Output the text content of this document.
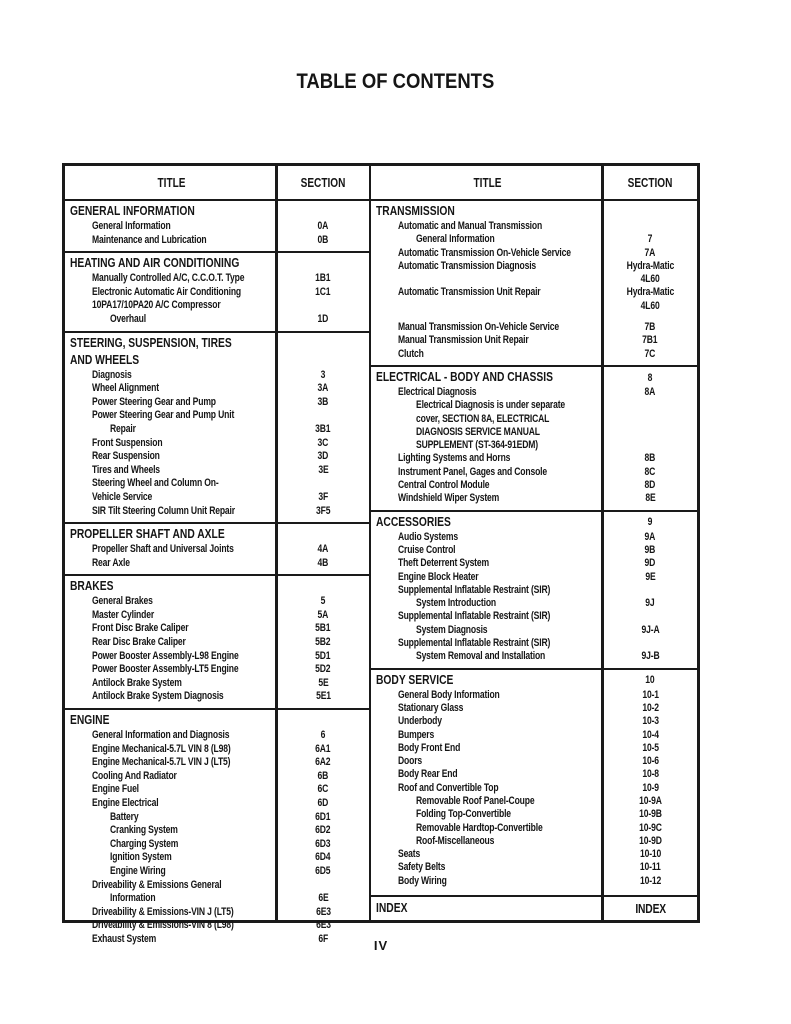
TABLE OF CONTENTS
TITLE	SECTION
GENERAL INFORMATION
General Information	0A
Maintenance and Lubrication	0B
HEATING AND AIR CONDITIONING
Manually Controlled A/C, C.C.O.T. Type	1B1
Electronic Automatic Air Conditioning	1C1
10PA17/10PA20 A/C Compressor
Overhaul	1D
STEERING, SUSPENSION, TIRES
AND WHEELS
Diagnosis	3
Wheel Alignment	3A
Power Steering Gear and Pump	3B
Power Steering Gear and Pump Unit
Repair	3B1
Front Suspension	3C
Rear Suspension	3D
Tires and Wheels	3E
Steering Wheel and Column On-
Vehicle Service	3F
SIR Tilt Steering Column Unit Repair	3F5
PROPELLER SHAFT AND AXLE
Propeller Shaft and Universal Joints	4A
Rear Axle	4B
BRAKES
General Brakes	5
Master Cylinder	5A
Front Disc Brake Caliper	5B1
Rear Disc Brake Caliper	5B2
Power Booster Assembly-L98 Engine	5D1
Power Booster Assembly-LT5 Engine	5D2
Antilock Brake System	5E
Antilock Brake System Diagnosis	5E1
ENGINE
General Information and Diagnosis	6
Engine Mechanical-5.7L VIN 8 (L98)	6A1
Engine Mechanical-5.7L VIN J (LT5)	6A2
Cooling And Radiator	6B
Engine Fuel	6C
Engine Electrical	6D
Battery	6D1
Cranking System	6D2
Charging System	6D3
Ignition System	6D4
Engine Wiring	6D5
Driveability & Emissions General
Information	6E
Driveability & Emissions-VIN J (LT5)	6E3
Driveability & Emissions-VIN 8 (L98)	6E3
Exhaust System	6F
TITLE	SECTION
TRANSMISSION
Automatic and Manual Transmission
General Information	7
Automatic Transmission On-Vehicle Service	7A
Automatic Transmission Diagnosis	Hydra-Matic
4L60
Automatic Transmission Unit Repair	Hydra-Matic
4L60
Manual Transmission On-Vehicle Service	7B
Manual Transmission Unit Repair	7B1
Clutch	7C
ELECTRICAL - BODY AND CHASSIS	8
Electrical Diagnosis	8A
Electrical Diagnosis is under separate
cover, SECTION 8A, ELECTRICAL
DIAGNOSIS SERVICE MANUAL
SUPPLEMENT (ST-364-91EDM)
Lighting Systems and Horns	8B
Instrument Panel, Gages and Console	8C
Central Control Module	8D
Windshield Wiper System	8E
ACCESSORIES	9
Audio Systems	9A
Cruise Control	9B
Theft Deterrent System	9D
Engine Block Heater	9E
Supplemental Inflatable Restraint (SIR)
System Introduction	9J
Supplemental Inflatable Restraint (SIR)
System Diagnosis	9J-A
Supplemental Inflatable Restraint (SIR)
System Removal and Installation	9J-B
BODY SERVICE	10
General Body Information	10-1
Stationary Glass	10-2
Underbody	10-3
Bumpers	10-4
Body Front End	10-5
Doors	10-6
Body Rear End	10-8
Roof and Convertible Top	10-9
Removable Roof Panel-Coupe	10-9A
Folding Top-Convertible	10-9B
Removable Hardtop-Convertible	10-9C
Roof-Miscellaneous	10-9D
Seats	10-10
Safety Belts	10-11
Body Wiring	10-12
INDEX	INDEX
IV
